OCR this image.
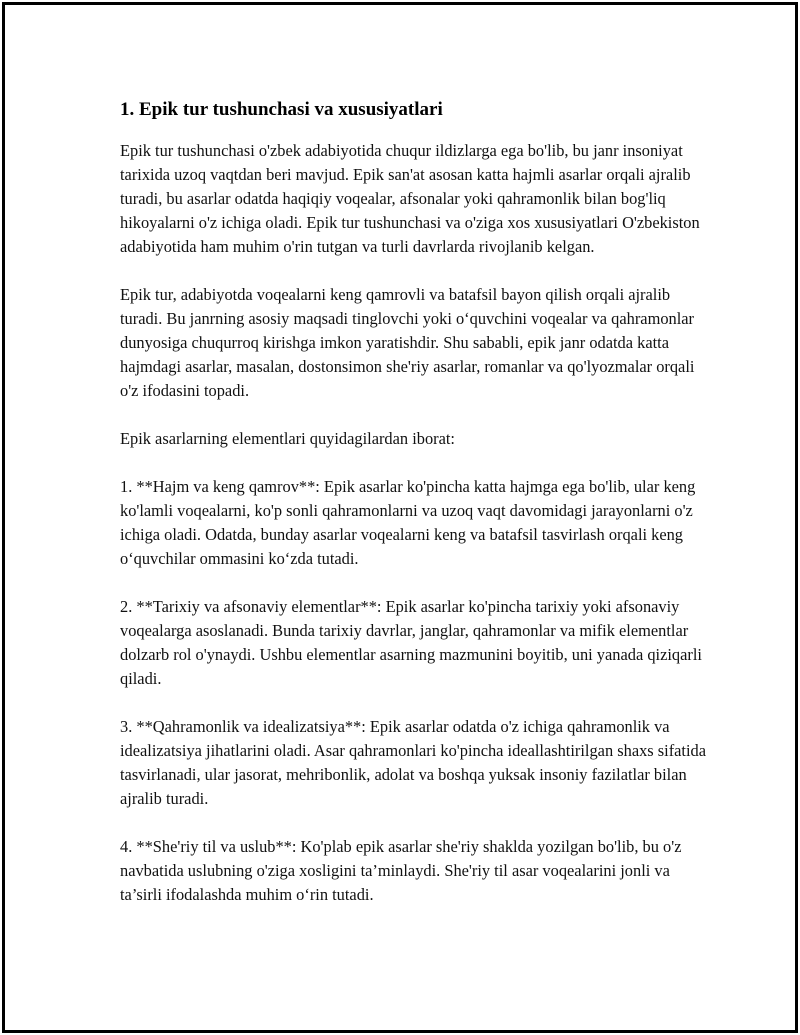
1. Epik tur tushunchasi va xususiyatlari

Epik tur tushunchasi o'zbek adabiyotida chuqur ildizlarga ega bo'lib, bu janr insoniyat tarixida uzoq vaqtdan beri mavjud. Epik san'at asosan katta hajmli asarlar orqali ajralib turadi, bu asarlar odatda haqiqiy voqealar, afsonalar yoki qahramonlik bilan bog'liq hikoyalarni o'z ichiga oladi. Epik tur tushunchasi va o'ziga xos xususiyatlari O'zbekiston adabiyotida ham muhim o'rin tutgan va turli davrlarda rivojlanib kelgan.

Epik tur, adabiyotda voqealarni keng qamrovli va batafsil bayon qilish orqali ajralib turadi. Bu janrning asosiy maqsadi tinglovchi yoki o‘quvchini voqealar va qahramonlar dunyosiga chuqurroq kirishga imkon yaratishdir. Shu sababli, epik janr odatda katta hajmdagi asarlar, masalan, dostonsimon she'riy asarlar, romanlar va qo'lyozmalar orqali o'z ifodasini topadi.

Epik asarlarning elementlari quyidagilardan iborat:

1. **Hajm va keng qamrov**: Epik asarlar ko'pincha katta hajmga ega bo'lib, ular keng ko'lamli voqealarni, ko'p sonli qahramonlarni va uzoq vaqt davomidagi jarayonlarni o'z ichiga oladi. Odatda, bunday asarlar voqealarni keng va batafsil tasvirlash orqali keng o‘quvchilar ommasini ko‘zda tutadi.

2. **Tarixiy va afsonaviy elementlar**: Epik asarlar ko'pincha tarixiy yoki afsonaviy voqealarga asoslanadi. Bunda tarixiy davrlar, janglar, qahramonlar va mifik elementlar dolzarb rol o'ynaydi. Ushbu elementlar asarning mazmunini boyitib, uni yanada qiziqarli qiladi.

3. **Qahramonlik va idealizatsiya**: Epik asarlar odatda o'z ichiga qahramonlik va idealizatsiya jihatlarini oladi. Asar qahramonlari ko'pincha ideallashtirilgan shaxs sifatida tasvirlanadi, ular jasorat, mehribonlik, adolat va boshqa yuksak insoniy fazilatlar bilan ajralib turadi.

4. **She'riy til va uslub**: Ko'plab epik asarlar she'riy shaklda yozilgan bo'lib, bu o'z navbatida uslubning o'ziga xosligini ta’minlaydi. She'riy til asar voqealarini jonli va ta’sirli ifodalashda muhim o‘rin tutadi.
